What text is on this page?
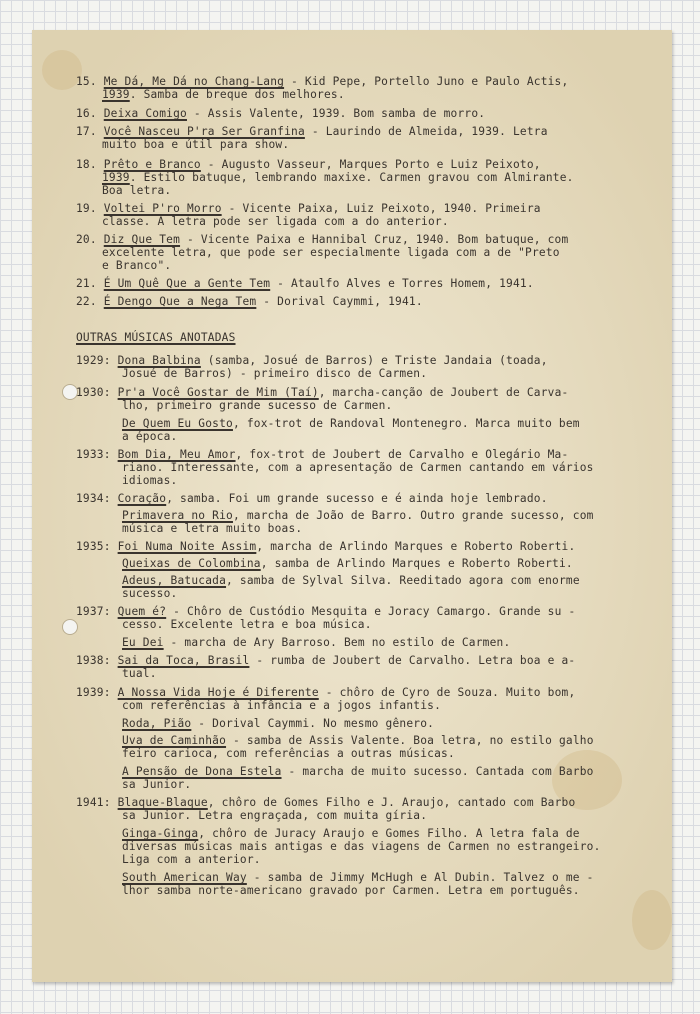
15. Me Dá, Me Dá no Chang-Lang - Kid Pepe, Portello Juno e Paulo Actis,
1939. Samba de breque dos melhores.
16. Deixa Comigo - Assis Valente, 1939. Bom samba de morro.
17. Você Nasceu P'ra Ser Granfina - Laurindo de Almeida, 1939. Letra
muito boa e útil para show.
18. Prêto e Branco - Augusto Vasseur, Marques Porto e Luiz Peixoto,
1939. Estilo batuque, lembrando maxixe. Carmen gravou com Almirante.
Boa letra.
19. Voltei P'ro Morro - Vicente Paixa, Luiz Peixoto, 1940. Primeira
classe. A letra pode ser ligada com a do anterior.
20. Diz Que Tem - Vicente Paixa e Hannibal Cruz, 1940. Bom batuque, com
excelente letra, que pode ser especialmente ligada com a de "Preto
e Branco".
21. É Um Quê Que a Gente Tem - Ataulfo Alves e Torres Homem, 1941.
22. É Dengo Que a Nega Tem - Dorival Caymmi, 1941.
OUTRAS MÚSICAS ANOTADAS
1929: Dona Balbina (samba, Josué de Barros) e Triste Jandaia (toada,
Josué de Barros) - primeiro disco de Carmen.
1930: Pr'a Você Gostar de Mim (Taí), marcha-canção de Joubert de Carva-
lho, primeiro grande sucesso de Carmen.
De Quem Eu Gosto, fox-trot de Randoval Montenegro. Marca muito bem
a época.
1933: Bom Dia, Meu Amor, fox-trot de Joubert de Carvalho e Olegário Ma-
riano. Interessante, com a apresentação de Carmen cantando em vários
idiomas.
1934: Coração, samba. Foi um grande sucesso e é ainda hoje lembrado.
Primavera no Rio, marcha de João de Barro. Outro grande sucesso, com
música e letra muito boas.
1935: Foi Numa Noite Assim, marcha de Arlindo Marques e Roberto Roberti.
Queixas de Colombina, samba de Arlindo Marques e Roberto Roberti.
Adeus, Batucada, samba de Sylval Silva. Reeditado agora com enorme
sucesso.
1937: Quem é? - Chôro de Custódio Mesquita e Joracy Camargo. Grande su -
cesso. Excelente letra e boa música.
Eu Dei - marcha de Ary Barroso. Bem no estilo de Carmen.
1938: Sai da Toca, Brasil - rumba de Joubert de Carvalho. Letra boa e a-
tual.
1939: A Nossa Vida Hoje é Diferente - chôro de Cyro de Souza. Muito bom,
com referências à infância e a jogos infantis.
Roda, Pião - Dorival Caymmi. No mesmo gênero.
Uva de Caminhão - samba de Assis Valente. Boa letra, no estilo galho
feiro carioca, com referências a outras músicas.
A Pensão de Dona Estela - marcha de muito sucesso. Cantada com Barbo
sa Junior.
1941: Blaque-Blaque, chôro de Gomes Filho e J. Araujo, cantado com Barbo
sa Junior. Letra engraçada, com muita gíria.
Ginga-Ginga, chôro de Juracy Araujo e Gomes Filho. A letra fala de
diversas músicas mais antigas e das viagens de Carmen no estrangeiro.
Liga com a anterior.
South American Way - samba de Jimmy McHugh e Al Dubin. Talvez o me -
lhor samba norte-americano gravado por Carmen. Letra em português.
